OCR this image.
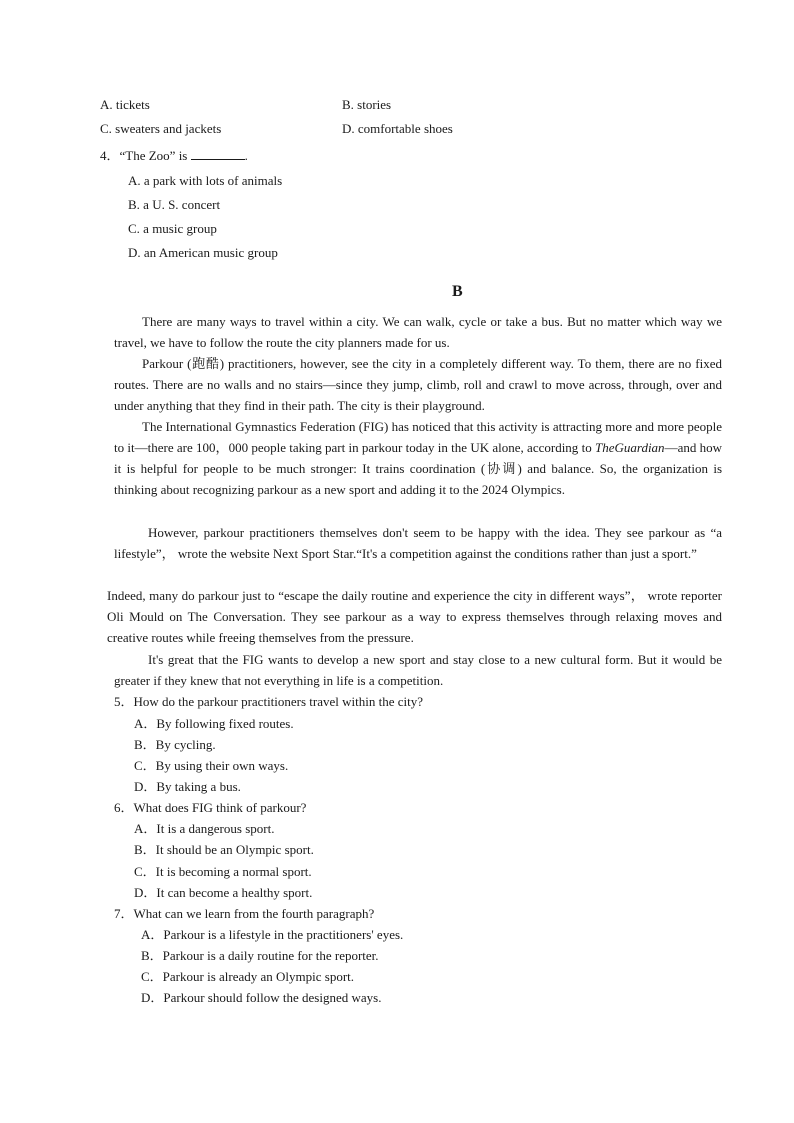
A. tickets	B. stories
C. sweaters and jackets	D. comfortable shoes
4．“The Zoo” is	.
A. a park with lots of animals
B. a U. S. concert
C. a music group
D. an American music group
B
There are many ways to travel within a city. We can walk, cycle or take a bus. But no matter which way we travel, we have to follow the route the city planners made for us.
Parkour (跑酷) practitioners, however, see the city in a completely different way. To them, there are no fixed routes. There are no walls and no stairs—since they jump, climb, roll and crawl to move across, through, over and under anything that they find in their path. The city is their playground.
The International Gymnastics Federation (FIG) has noticed that this activity is attracting more and more people to it—there are 100，000 people taking part in parkour today in the UK alone, according to TheGuardian—and how it is helpful for people to be much stronger: It trains coordination (协调) and balance. So, the organization is thinking about recognizing parkour as a new sport and adding it to the 2024 Olympics.
However, parkour practitioners themselves don't seem to be happy with the idea. They see parkour as “a lifestyle”， wrote the website Next Sport Star.“It's a competition against the conditions rather than just a sport.”
Indeed, many do parkour just to “escape the daily routine and experience the city in different ways”， wrote reporter Oli Mould on The Conversation. They see parkour as a way to express themselves through relaxing moves and creative routes while freeing themselves from the pressure.
It's great that the FIG wants to develop a new sport and stay close to a new cultural form. But it would be greater if they knew that not everything in life is a competition.
5．How do the parkour practitioners travel within the city?
A．By following fixed routes.
B．By cycling.
C．By using their own ways.
D．By taking a bus.
6．What does FIG think of parkour?
A．It is a dangerous sport.
B．It should be an Olympic sport.
C．It is becoming a normal sport.
D．It can become a healthy sport.
7．What can we learn from the fourth paragraph?
A．Parkour is a lifestyle in the practitioners' eyes.
B．Parkour is a daily routine for the reporter.
C．Parkour is already an Olympic sport.
D．Parkour should follow the designed ways.
